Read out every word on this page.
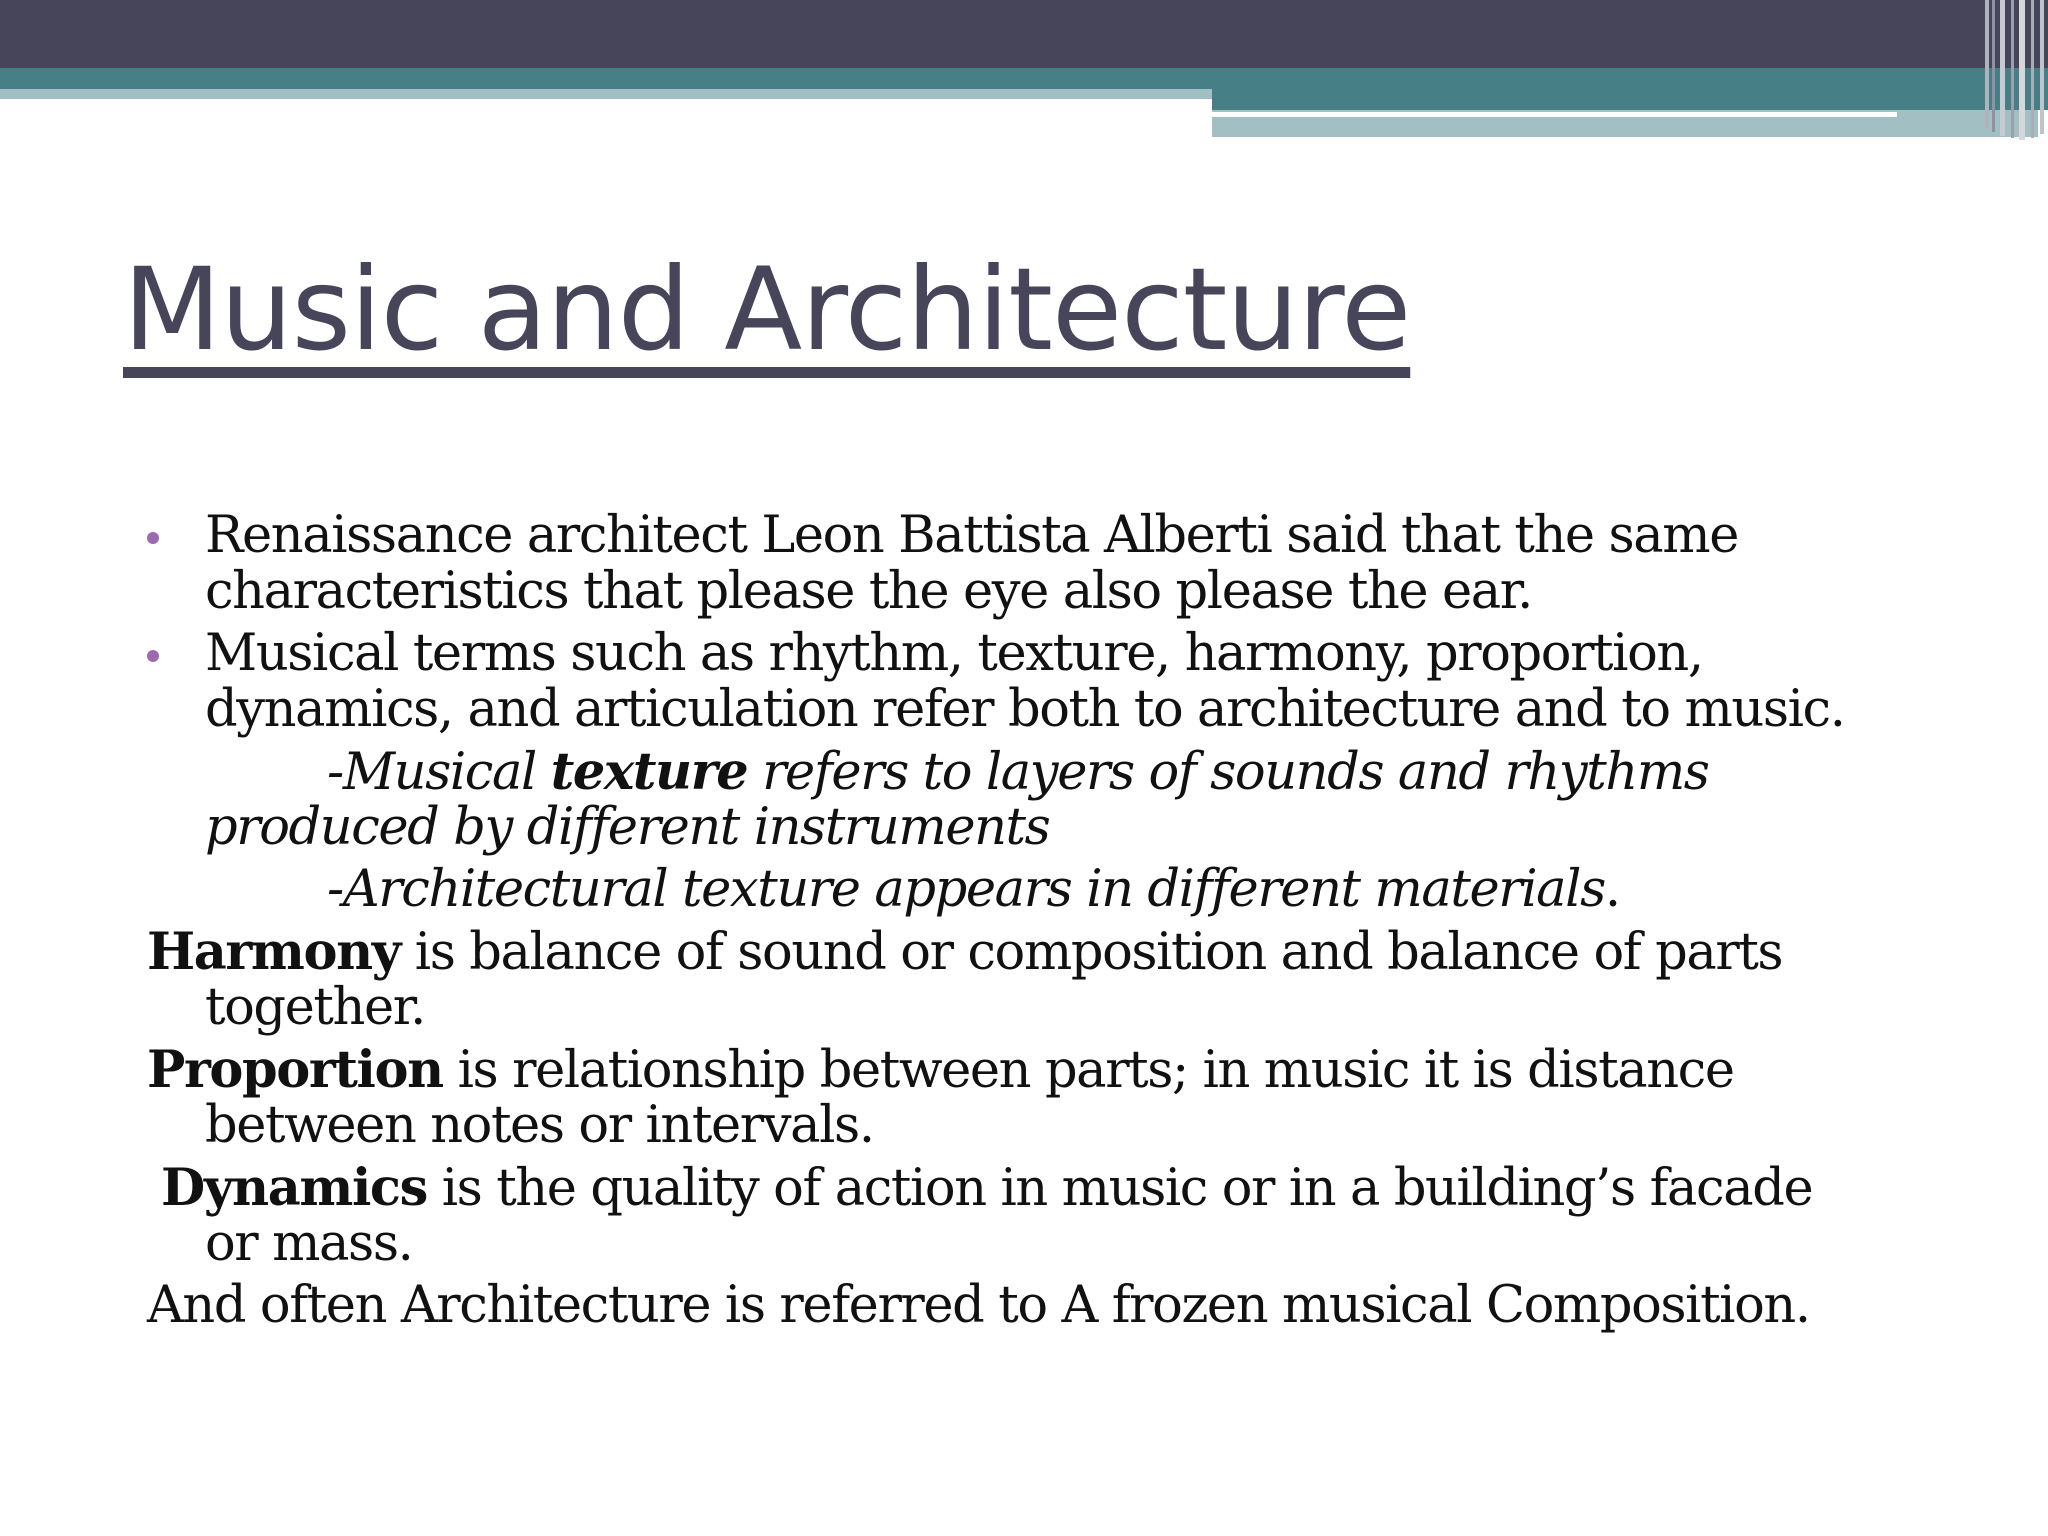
Music and Architecture
Renaissance architect Leon Battista Alberti said that the same
characteristics that please the eye also please the ear.
Musical terms such as rhythm, texture, harmony, proportion,
dynamics, and articulation refer both to architecture and to music.
-Musical texture refers to layers of sounds and rhythms
produced by different instruments
-Architectural texture appears in different materials.
Harmony is balance of sound or composition and balance of parts
together.
Proportion is relationship between parts; in music it is distance
between notes or intervals.
Dynamics is the quality of action in music or in a building’s facade
or mass.
And often Architecture is referred to A frozen musical Composition.
